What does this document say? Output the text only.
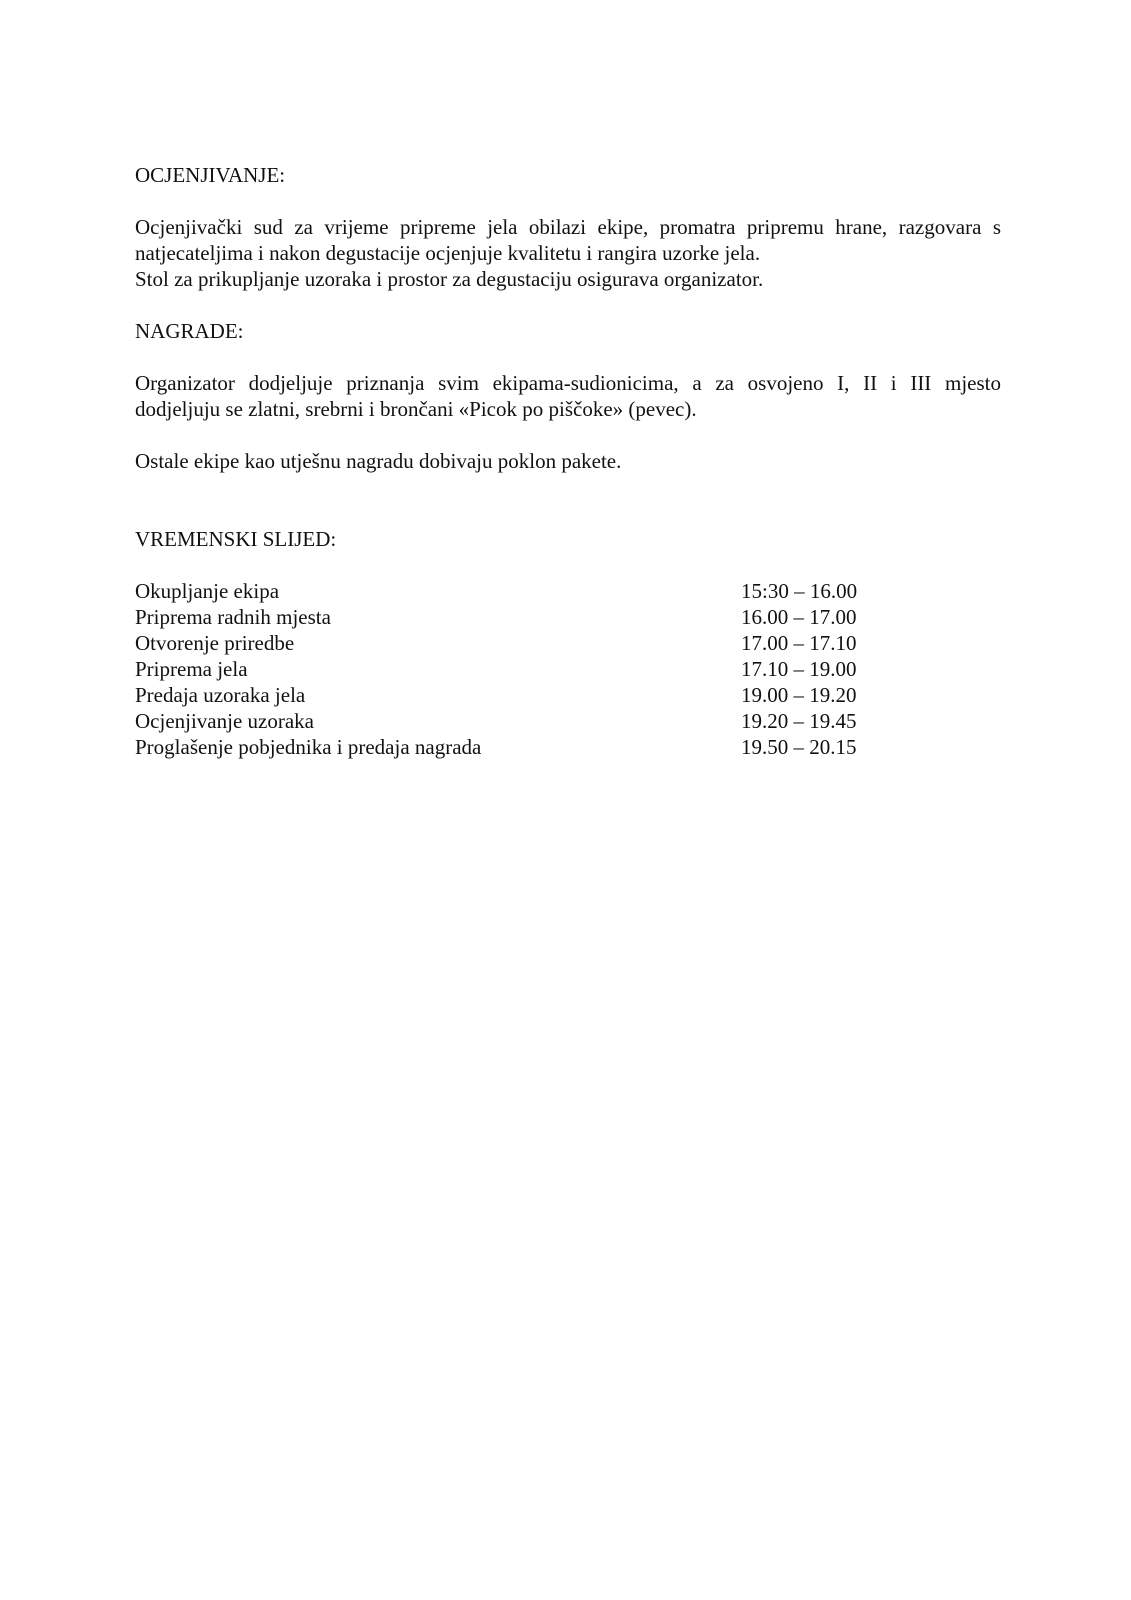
OCJENJIVANJE:

Ocjenjivački sud za vrijeme pripreme jela obilazi ekipe, promatra pripremu hrane, razgovara s
natjecateljima i nakon degustacije ocjenjuje kvalitetu i rangira uzorke jela.
Stol za prikupljanje uzoraka i prostor za degustaciju osigurava organizator.

NAGRADE:

Organizator dodjeljuje priznanja svim ekipama-sudionicima, a za osvojeno I, II i III mjesto
dodjeljuju se zlatni, srebrni i brončani «Picok po piščoke» (pevec).

Ostale ekipe kao utješnu nagradu dobivaju poklon pakete.

VREMENSKI SLIJED:
Okupljanje ekipa	15:30 – 16.00
Priprema radnih mjesta	16.00 – 17.00
Otvorenje priredbe	17.00 – 17.10
Priprema jela	17.10 – 19.00
Predaja uzoraka jela	19.00 – 19.20
Ocjenjivanje uzoraka	19.20 – 19.45
Proglašenje pobjednika i predaja nagrada	19.50 – 20.15
